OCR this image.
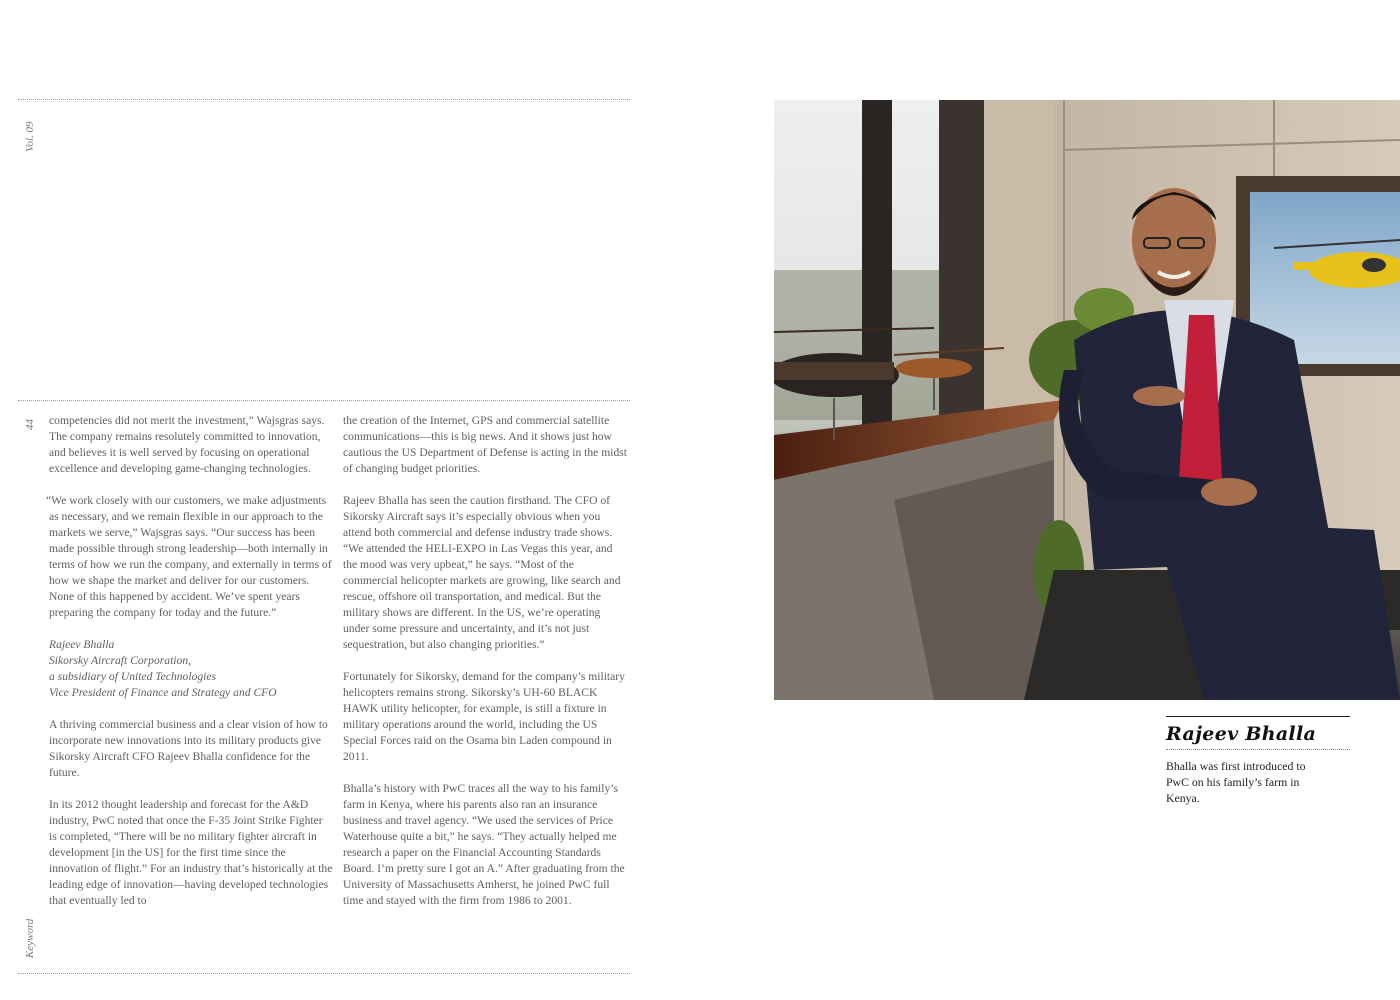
Vol. 09
44
Keyword

competencies did not merit the investment,” Wajsgras says. The company remains resolutely committed to innovation, and believes it is well served by focusing on operational excellence and developing game-changing technologies.

“We work closely with our customers, we make adjustments as necessary, and we remain flexible in our approach to the markets we serve,” Wajsgras says. “Our success has been made possible through strong leadership—both internally in terms of how we run the company, and externally in terms of how we shape the market and deliver for our customers. None of this happened by accident. We’ve spent years preparing the company for today and the future.”

Rajeev Bhalla
Sikorsky Aircraft Corporation,
a subsidiary of United Technologies
Vice President of Finance and Strategy and CFO

A thriving commercial business and a clear vision of how to incorporate new innovations into its military products give Sikorsky Aircraft CFO Rajeev Bhalla confidence for the future.

In its 2012 thought leadership and forecast for the A&D industry, PwC noted that once the F-35 Joint Strike Fighter is completed, “There will be no military fighter aircraft in development [in the US] for the first time since the innovation of flight.” For an industry that’s historically at the leading edge of innovation—having developed technologies that eventually led to

the creation of the Internet, GPS and commercial satellite communications—this is big news. And it shows just how cautious the US Department of Defense is acting in the midst of changing budget priorities.

Rajeev Bhalla has seen the caution firsthand. The CFO of Sikorsky Aircraft says it’s especially obvious when you attend both commercial and defense industry trade shows. “We attended the HELI-EXPO in Las Vegas this year, and the mood was very upbeat,” he says. “Most of the commercial helicopter markets are growing, like search and rescue, offshore oil transportation, and medical. But the military shows are different. In the US, we’re operating under some pressure and uncertainty, and it’s not just sequestration, but also changing priorities.”

Fortunately for Sikorsky, demand for the company’s military helicopters remains strong. Sikorsky’s UH-60 BLACK HAWK utility helicopter, for example, is still a fixture in military operations around the world, including the US Special Forces raid on the Osama bin Laden compound in 2011.

Bhalla’s history with PwC traces all the way to his family’s farm in Kenya, where his parents also ran an insurance business and travel agency. “We used the services of Price Waterhouse quite a bit,” he says. “They actually helped me research a paper on the Financial Accounting Standards Board. I’m pretty sure I got an A.” After graduating from the University of Massachusetts Amherst, he joined PwC full time and stayed with the firm from 1986 to 2001.

Rajeev Bhalla
Bhalla was first introduced to PwC on his family’s farm in Kenya.
